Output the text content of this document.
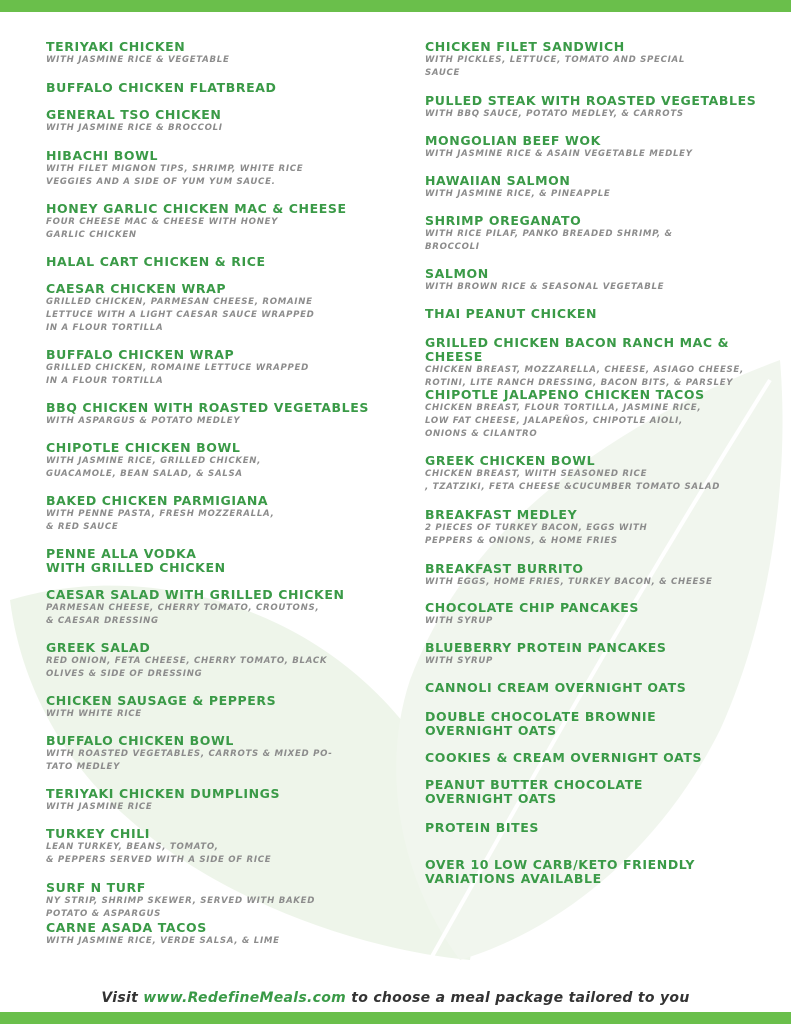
TERIYAKI CHICKEN
WITH JASMINE RICE & VEGETABLE
BUFFALO CHICKEN FLATBREAD
GENERAL TSO CHICKEN
WITH JASMINE RICE & BROCCOLI
HIBACHI BOWL
WITH FILET MIGNON TIPS, SHRIMP, WHITE RICE
VEGGIES AND A SIDE OF YUM YUM SAUCE.
HONEY GARLIC CHICKEN MAC & CHEESE
FOUR CHEESE MAC & CHEESE WITH HONEY
GARLIC CHICKEN
HALAL CART CHICKEN & RICE
CAESAR CHICKEN WRAP
GRILLED CHICKEN, PARMESAN CHEESE, ROMAINE
LETTUCE WITH A LIGHT CAESAR SAUCE WRAPPED
IN A FLOUR TORTILLA
BUFFALO CHICKEN WRAP
GRILLED CHICKEN, ROMAINE LETTUCE WRAPPED
IN A FLOUR TORTILLA
BBQ CHICKEN WITH ROASTED VEGETABLES
WITH ASPARGUS & POTATO MEDLEY
CHIPOTLE CHICKEN BOWL
WITH JASMINE RICE, GRILLED CHICKEN,
GUACAMOLE, BEAN SALAD, & SALSA
BAKED CHICKEN PARMIGIANA
WITH PENNE PASTA, FRESH MOZZERALLA,
& RED SAUCE
PENNE ALLA VODKA
WITH GRILLED CHICKEN
CAESAR SALAD WITH GRILLED CHICKEN
PARMESAN CHEESE, CHERRY TOMATO, CROUTONS,
& CAESAR DRESSING
GREEK SALAD
RED ONION, FETA CHEESE, CHERRY TOMATO, BLACK
OLIVES & SIDE OF DRESSING
CHICKEN SAUSAGE & PEPPERS
WITH WHITE RICE
BUFFALO CHICKEN BOWL
WITH ROASTED VEGETABLES, CARROTS & MIXED PO-
TATO MEDLEY
TERIYAKI CHICKEN DUMPLINGS
WITH JASMINE RICE
TURKEY CHILI
LEAN TURKEY, BEANS, TOMATO,
& PEPPERS SERVED WITH A SIDE OF RICE
SURF N TURF
NY STRIP, SHRIMP SKEWER, SERVED WITH BAKED
POTATO & ASPARGUS
CARNE ASADA TACOS
WITH JASMINE RICE, VERDE SALSA, & LIME
CHICKEN FILET SANDWICH
WITH PICKLES, LETTUCE, TOMATO AND SPECIAL
SAUCE
PULLED STEAK WITH ROASTED VEGETABLES
WITH BBQ SAUCE, POTATO MEDLEY, & CARROTS
MONGOLIAN BEEF WOK
WITH JASMINE RICE & ASAIN VEGETABLE MEDLEY
HAWAIIAN SALMON
WITH JASMINE RICE, & PINEAPPLE
SHRIMP OREGANATO
WITH RICE PILAF, PANKO BREADED SHRIMP, &
BROCCOLI
SALMON
WITH BROWN RICE & SEASONAL VEGETABLE
THAI PEANUT CHICKEN
GRILLED CHICKEN BACON RANCH MAC & CHEESE
CHICKEN BREAST, MOZZARELLA, CHEESE, ASIAGO CHEESE,
ROTINI, LITE RANCH DRESSING, BACON BITS, & PARSLEY
CHIPOTLE JALAPENO CHICKEN TACOS
CHICKEN BREAST, FLOUR TORTILLA, JASMINE RICE,
LOW FAT CHEESE, JALAPEÑOS, CHIPOTLE AIOLI,
ONIONS & CILANTRO
GREEK CHICKEN BOWL
CHICKEN BREAST, WIITH SEASONED RICE
, TZATZIKI, FETA CHEESE &CUCUMBER TOMATO SALAD
BREAKFAST MEDLEY
2 PIECES OF TURKEY BACON, EGGS WITH
PEPPERS & ONIONS, & HOME FRIES
BREAKFAST BURRITO
WITH EGGS, HOME FRIES, TURKEY BACON, & CHEESE
CHOCOLATE CHIP PANCAKES
WITH SYRUP
BLUEBERRY PROTEIN PANCAKES
WITH SYRUP
CANNOLI CREAM OVERNIGHT OATS
DOUBLE CHOCOLATE BROWNIE
OVERNIGHT OATS
COOKIES & CREAM OVERNIGHT OATS
PEANUT BUTTER CHOCOLATE
OVERNIGHT OATS
PROTEIN BITES
OVER 10 LOW CARB/KETO FRIENDLY
VARIATIONS AVAILABLE
Visit www.RedefineMeals.com to choose a meal package tailored to you
